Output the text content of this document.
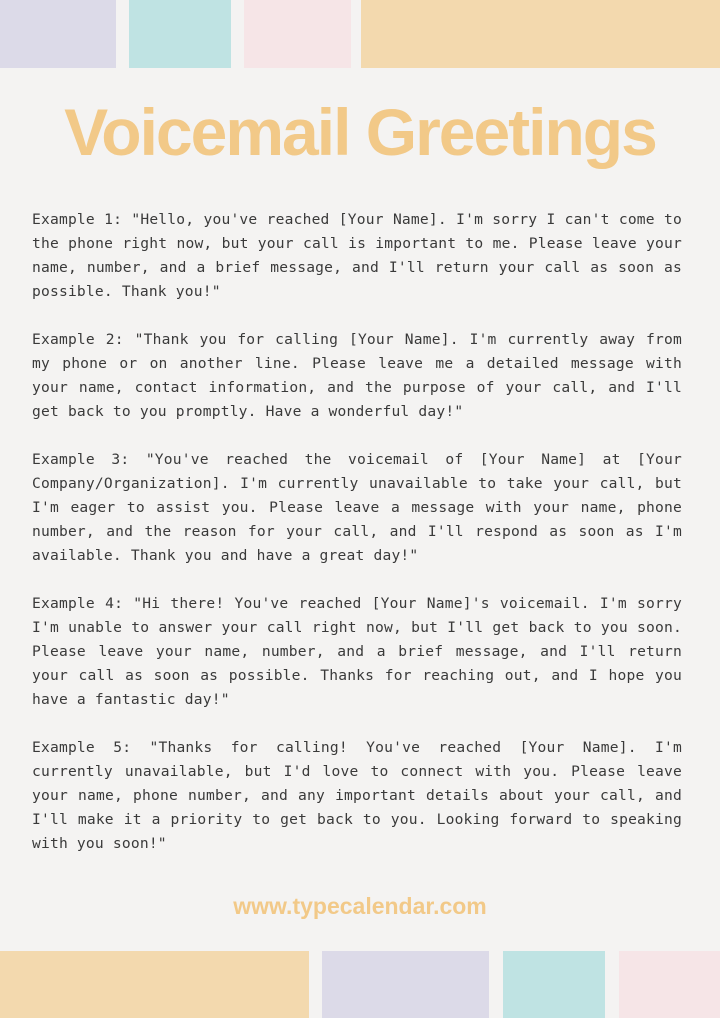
Voicemail Greetings

Example 1: "Hello, you've reached [Your Name]. I'm sorry I can't come to the phone right now, but your call is important to me. Please leave your name, number, and a brief message, and I'll return your call as soon as possible. Thank you!"

Example 2: "Thank you for calling [Your Name]. I'm currently away from my phone or on another line. Please leave me a detailed message with your name, contact information, and the purpose of your call, and I'll get back to you promptly. Have a wonderful day!"

Example 3: "You've reached the voicemail of [Your Name] at [Your Company/Organization]. I'm currently unavailable to take your call, but I'm eager to assist you. Please leave a message with your name, phone number, and the reason for your call, and I'll respond as soon as I'm available. Thank you and have a great day!"

Example 4: "Hi there! You've reached [Your Name]'s voicemail. I'm sorry I'm unable to answer your call right now, but I'll get back to you soon. Please leave your name, number, and a brief message, and I'll return your call as soon as possible. Thanks for reaching out, and I hope you have a fantastic day!"

Example 5: "Thanks for calling! You've reached [Your Name]. I'm currently unavailable, but I'd love to connect with you. Please leave your name, phone number, and any important details about your call, and I'll make it a priority to get back to you. Looking forward to speaking with you soon!"

www.typecalendar.com
